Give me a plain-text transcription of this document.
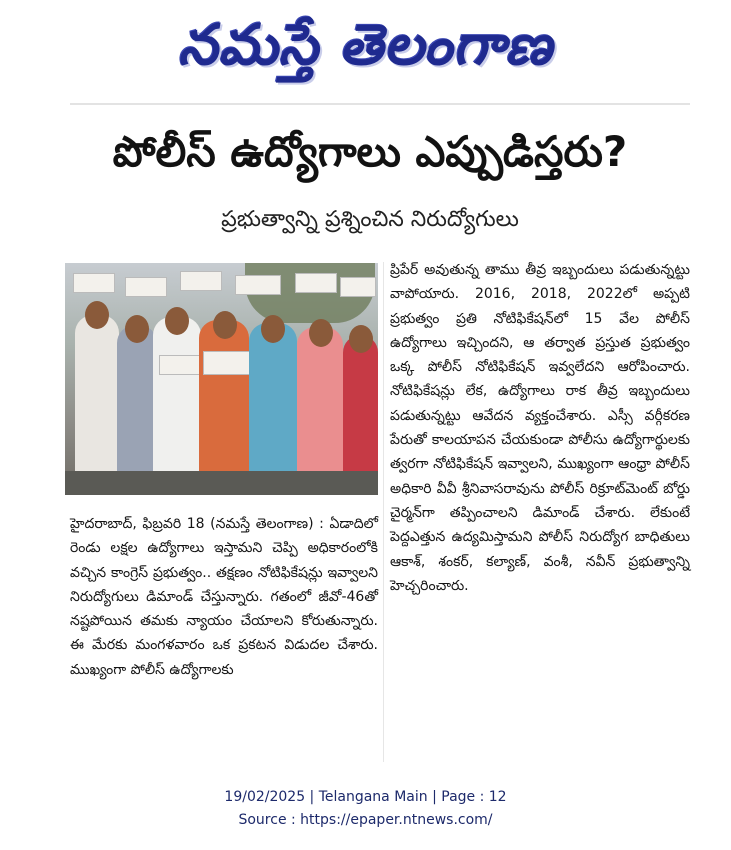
నమస్తే తెలంగాణ
పోలీస్ ఉద్యోగాలు ఎప్పుడిస్తరు?
ప్రభుత్వాన్ని ప్రశ్నించిన నిరుద్యోగులు
హైదరాబాద్, ఫిబ్రవరి 18 (నమస్తే తెలంగాణ) : ఏడాదిలో రెండు లక్షల ఉద్యోగాలు ఇస్తామని చెప్పి అధికారంలోకి వచ్చిన కాంగ్రెస్ ప్రభుత్వం.. తక్షణం నోటిఫికేషన్లు ఇవ్వాలని నిరుద్యోగులు డిమాండ్ చేస్తున్నారు. గతంలో జీవో-46తో నష్టపోయిన తమకు న్యాయం చేయాలని కోరుతున్నారు. ఈ మేరకు మంగళవారం ఒక ప్రకటన విడుదల చేశారు. ముఖ్యంగా పోలీస్ ఉద్యోగాలకు
ప్రిపేర్ అవుతున్న తాము తీవ్ర ఇబ్బందులు పడుతున్నట్టు వాపోయారు. 2016, 2018, 2022లో అప్పటి ప్రభుత్వం ప్రతి నోటిఫికేషన్‌లో 15 వేల పోలీస్ ఉద్యోగాలు ఇచ్చిందని, ఆ తర్వాత ప్రస్తుత ప్రభుత్వం ఒక్క పోలీస్ నోటిఫికేషన్ ఇవ్వలేదని ఆరోపించారు. నోటిఫికేషన్లు లేక, ఉద్యోగాలు రాక తీవ్ర ఇబ్బందులు పడుతున్నట్టు ఆవేదన వ్యక్తంచేశారు. ఎస్సీ వర్గీకరణ పేరుతో కాలయాపన చేయకుండా పోలీసు ఉద్యోగార్థులకు త్వరగా నోటిఫికేషన్ ఇవ్వాలని, ముఖ్యంగా ఆంధ్రా పోలీస్ అధికారి వీవీ శ్రీనివాసరావును పోలీస్ రిక్రూట్‌మెంట్ బోర్డు చైర్మన్‌గా తప్పించాలని డిమాండ్ చేశారు. లేకుంటే పెద్దఎత్తున ఉద్యమిస్తామని పోలీస్ నిరుద్యోగ బాధితులు ఆకాశ్, శంకర్, కల్యాణ్, వంశీ, నవీన్ ప్రభుత్వాన్ని హెచ్చరించారు.
19/02/2025 | Telangana Main | Page : 12
Source : https://epaper.ntnews.com/
